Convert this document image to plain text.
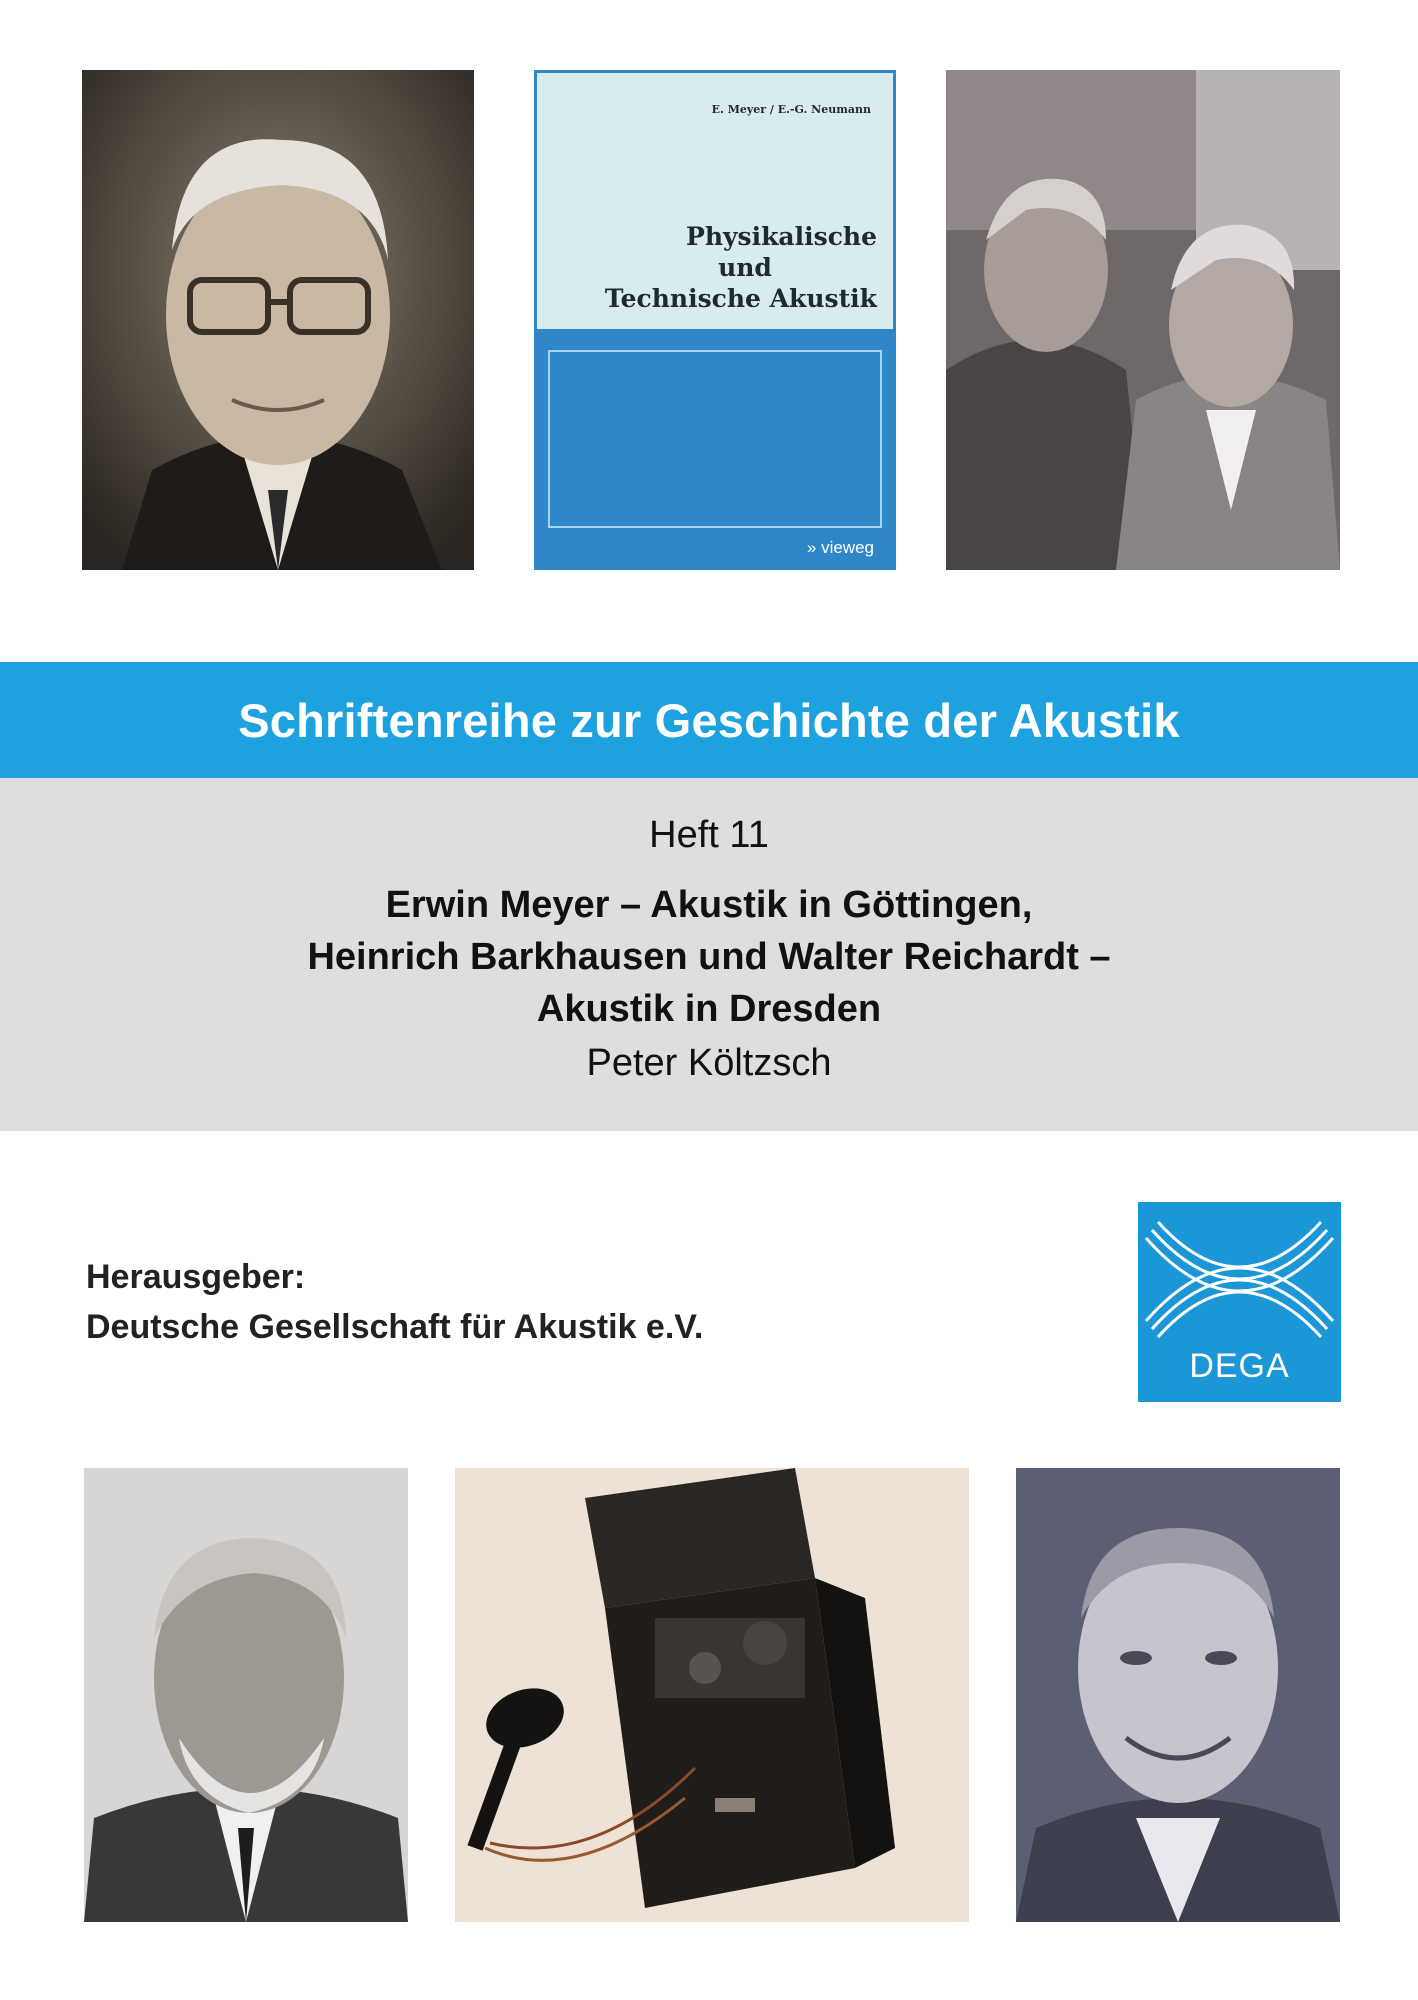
E. Meyer / E.-G. Neumann
Physikalische
und
Technische Akustik
» vieweg
Schriftenreihe zur Geschichte der Akustik
Heft 11
Erwin Meyer – Akustik in Göttingen,
Heinrich Barkhausen und Walter Reichardt –
Akustik in Dresden
Peter Költzsch
Herausgeber:
Deutsche Gesellschaft für Akustik e.V.
DEGA
